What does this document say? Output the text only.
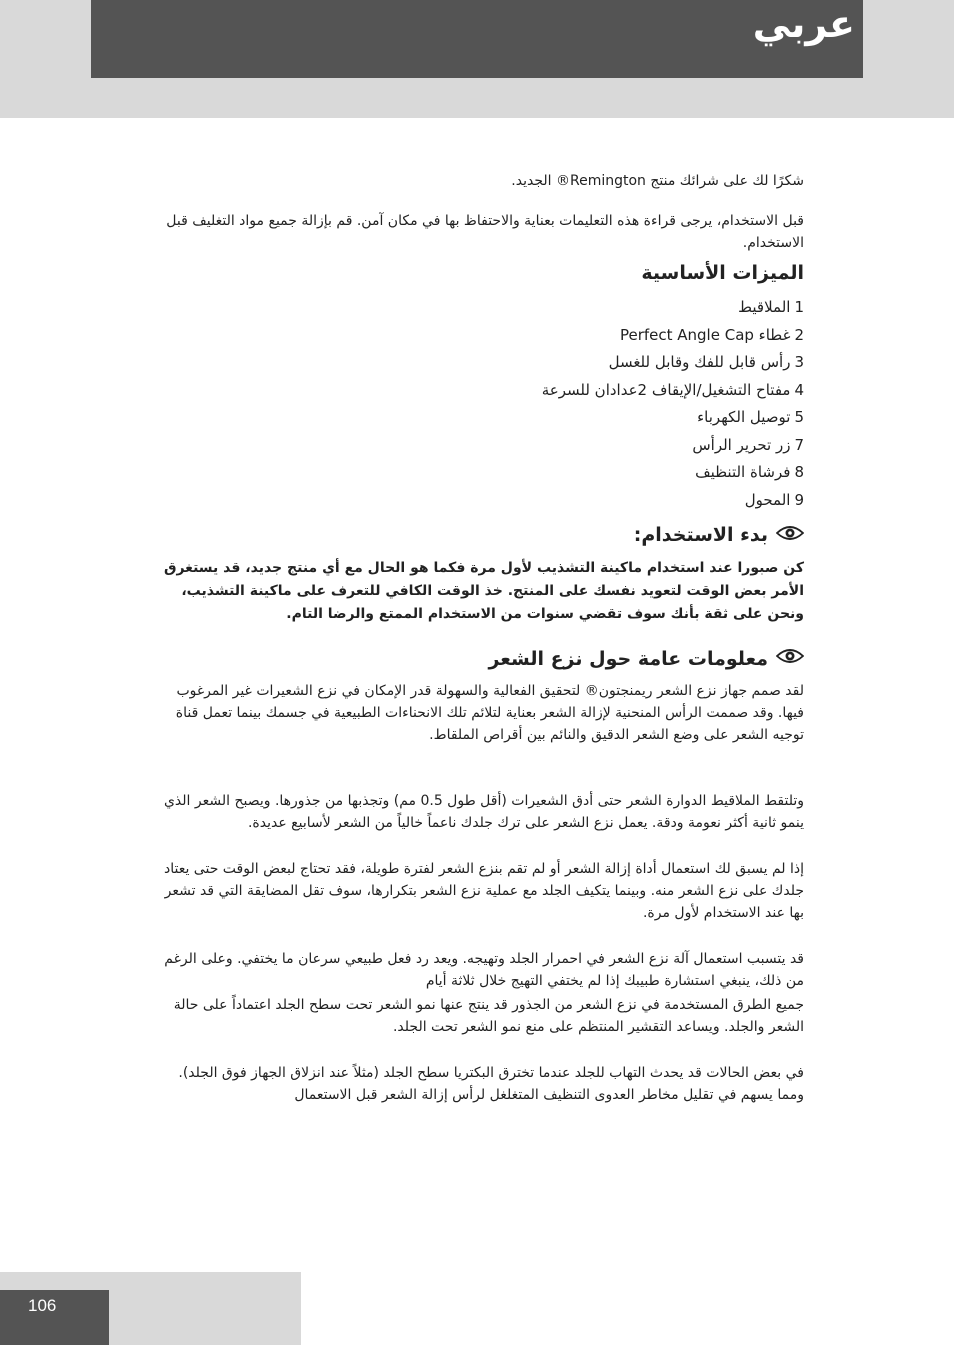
عربي

شكرًا لك على شرائك منتج Remington® الجديد.

قبل الاستخدام، يرجى قراءة هذه التعليمات بعناية والاحتفاظ بها في مكان آمن. قم بإزالة جميع مواد التغليف قبل الاستخدام.

الميزات الأساسية
1الملاقيط
2غطاء Perfect Angle Cap
3رأس قابل للفك وقابل للغسل
4مفتاح التشغيل/الإيقاف 2عدادان للسرعة
5توصيل الكهرباء
7زر تحرير الرأس
8فرشاة التنظيف
9المحول
بدء الاستخدام:

كن صبورا عند استخدام ماكينة التشذيب لأول مرة فكما هو الحال مع أي منتج جديد، قد يستغرق الأمر بعض الوقت لتعويد نفسك على المنتج. خذ الوقت الكافي للتعرف على ماكينة التشذيب، ونحن على ثقة بأنك سوف تقضي سنوات من الاستخدام الممتع والرضا التام.

معلومات عامة حول نزع الشعر

لقد صمم جهاز نزع الشعر ريمنجتون® لتحقيق الفعالية والسهولة قدر الإمكان في نزع الشعيرات غير المرغوب فيها. وقد صممت الرأس المنحنية لإزالة الشعر بعناية لتلائم تلك الانحناءات الطبيعية في جسمك بينما تعمل قناة توجيه الشعر على وضع الشعر الدقيق والنائم بين أقراص الملقاط.

وتلتقط الملاقيط الدوارة الشعر حتى أدق الشعيرات (أقل طول 0.5 مم) وتجذبها من جذورها. ويصبح الشعر الذي ينمو ثانية أكثر نعومة ودقة. يعمل نزع الشعر على ترك جلدك ناعماً خالياً من الشعر لأسابيع عديدة.

إذا لم يسبق لك استعمال أداة إزالة الشعر أو لم تقم بنزع الشعر لفترة طويلة، فقد تحتاج لبعض الوقت حتى يعتاد جلدك على نزع الشعر منه. وبينما يتكيف الجلد مع عملية نزع الشعر بتكرارها، سوف تقل المضايقة التي قد تشعر بها عند الاستخدام لأول مرة.

قد يتسبب استعمال آلة نزع الشعر في احمرار الجلد وتهيجه. ويعد رد فعل طبيعي سرعان ما يختفي. وعلى الرغم من ذلك، ينبغي استشارة طبيبك إذا لم يختفي التهيج خلال ثلاثة أيام

جميع الطرق المستخدمة في نزع الشعر من الجذور قد ينتج عنها نمو الشعر تحت سطح الجلد اعتماداً على حالة الشعر والجلد. ويساعد التقشير المنتظم على منع نمو الشعر تحت الجلد.

في بعض الحالات قد يحدث التهاب للجلد عندما تخترق البكتريا سطح الجلد (مثلاً عند انزلاق الجهاز فوق الجلد). ومما يسهم في تقليل مخاطر العدوى التنظيف المتغلغل لرأس إزالة الشعر قبل الاستعمال

106
